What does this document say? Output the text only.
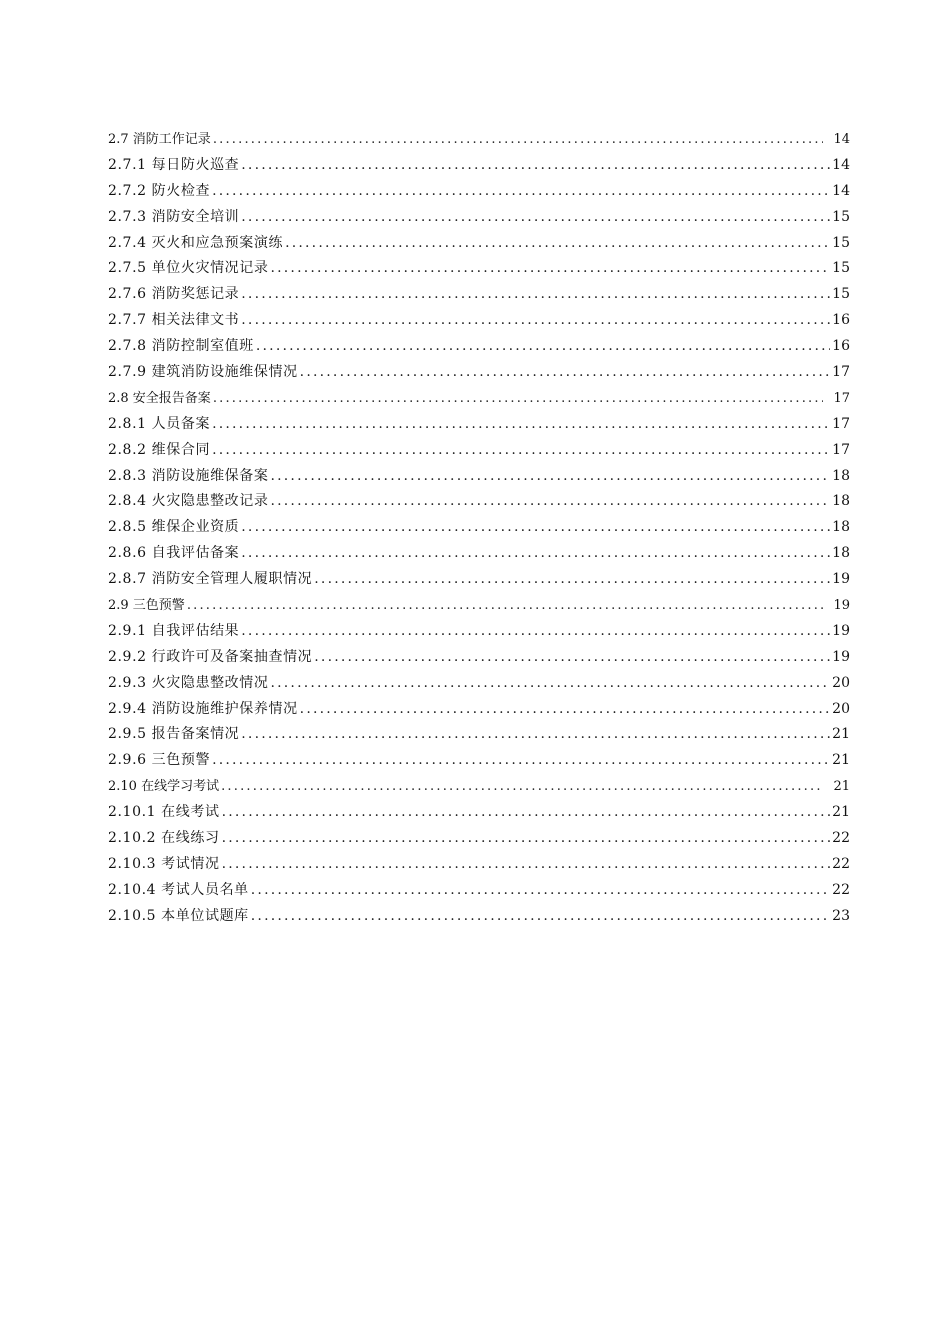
2.7 消防工作记录 .....	14
2.7.1 每日防火巡查 .....	14
2.7.2 防火检查 .....	14
2.7.3 消防安全培训 .....	15
2.7.4 灭火和应急预案演练 .....	15
2.7.5 单位火灾情况记录 .....	15
2.7.6 消防奖惩记录 .....	15
2.7.7 相关法律文书 .....	16
2.7.8 消防控制室值班 .....	16
2.7.9 建筑消防设施维保情况 .....	17
2.8 安全报告备案 .....	17
2.8.1 人员备案 .....	17
2.8.2 维保合同 .....	17
2.8.3 消防设施维保备案 .....	18
2.8.4 火灾隐患整改记录 .....	18
2.8.5 维保企业资质 .....	18
2.8.6 自我评估备案 .....	18
2.8.7 消防安全管理人履职情况 .....	19
2.9 三色预警 .....	19
2.9.1 自我评估结果 .....	19
2.9.2 行政许可及备案抽查情况 .....	19
2.9.3 火灾隐患整改情况 .....	20
2.9.4 消防设施维护保养情况 .....	20
2.9.5 报告备案情况 .....	21
2.9.6 三色预警 .....	21
2.10 在线学习考试 .....	21
2.10.1 在线考试 .....	21
2.10.2 在线练习 .....	22
2.10.3 考试情况 .....	22
2.10.4 考试人员名单 .....	22
2.10.5 本单位试题库 .....	23
